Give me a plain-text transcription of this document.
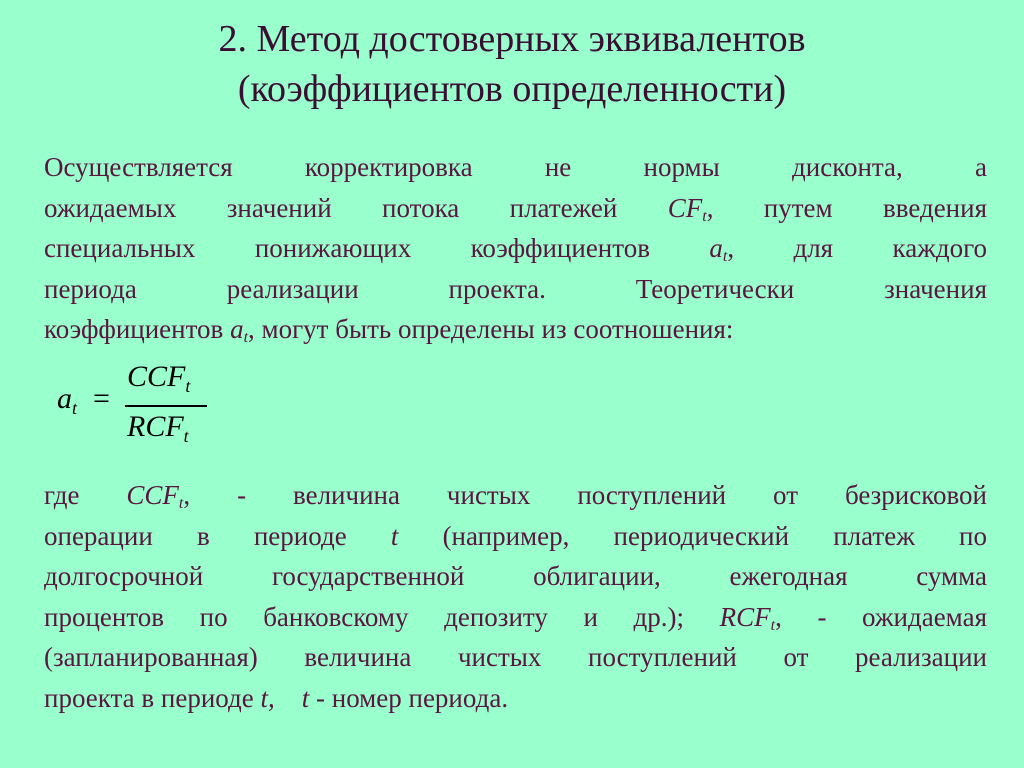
2. Метод достоверных эквивалентов
(коэффициентов определенности)
Осуществляется корректировка не нормы дисконта, а
ожидаемых значений потока платежей $CF_t$, путем введения
специальных понижающих коэффициентов $a_t$, для каждого
периода реализации проекта. Теоретически значения
коэффициентов $a_t$, могут быть определены из соотношения:
$a_t$ =
$CCF_t$
$RCF_t$
где $CCF_t$, - величина чистых поступлений от безрисковой
операции в периоде t (например, периодический платеж по
долгосрочной государственной облигации, ежегодная сумма
процентов по банковскому депозиту и др.); $RCF_t$, - ожидаемая
(запланированная) величина чистых поступлений от реализации
проекта в периоде t, t - номер периода.
